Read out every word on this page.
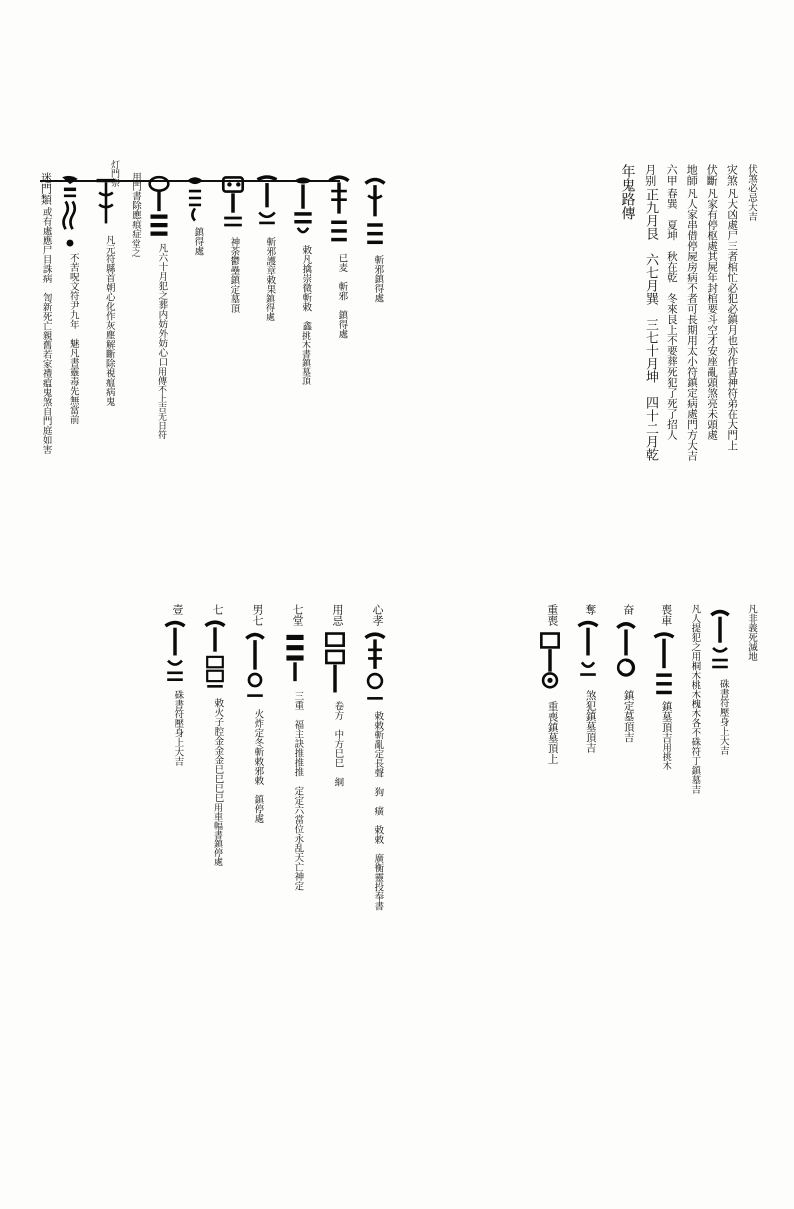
年鬼路傳 月别
正九月艮　六七月巽　三七十月坤　四十二月乾
六甲
春巽　夏坤　秋在乾　冬來艮上不要葬死犯了死了招人
地師
凡人家串借停屍房病不者可長期用太小符鎮定病處門方大吉
伏斷
凡家有停枢處其屍年封棺要斗空才安座亂頭煞亮未頭處
灾煞
凡大凶處尸三者棺忙必犯必鎮月也亦作書神符弟在大門上 伏煞必忌大吉
迷門類
或有處應尸目誅病　訇新死亡親舊若家禮瘟鬼煞自門庭如害 不苦呪文符尹九年　魅凡書靈毒先無當前	凡元符縣首朝心化作灰塵解斷除視瘟病鬼
用門書除應痕症
堂之 凡六十月犯之葬内妨外妨心口
用傳不上吉无日符
鎮得處	神荼鬱壘鎮定墓頂	斬邪護章敕果
鎮得處	敕凡擒崇微斬敕　鑫
挑木書鎮墓頂
已麦　斬邪　鎮得處	斬邪鎮得處
重喪
重喪鎮墓頂上
奪
煞犯鎮墓頂吉
奋
鎮定墓頂吉
喪車
鎮墓頂吉
用挑木 凡人提犯之用桐木桃木槐木各不硃符丁鎮墓吉 硃書符壓身上大吉
凡非義死滅地
壹
硃書符壓身上大吉
七
敕火子腔金金金巳巳巳巳
用車幅書鎮停處
男七
火炸定冬斬敕邪敕　鎮停處
七堂
三重　福主訣推推推　定定六當位永乱天亡神定
用忌
卷方　中方巳巳　絧
心孝
敕敕斬亂定長聲　狗　癀　敕敕　廣衡靈投奉書
灯門祭
